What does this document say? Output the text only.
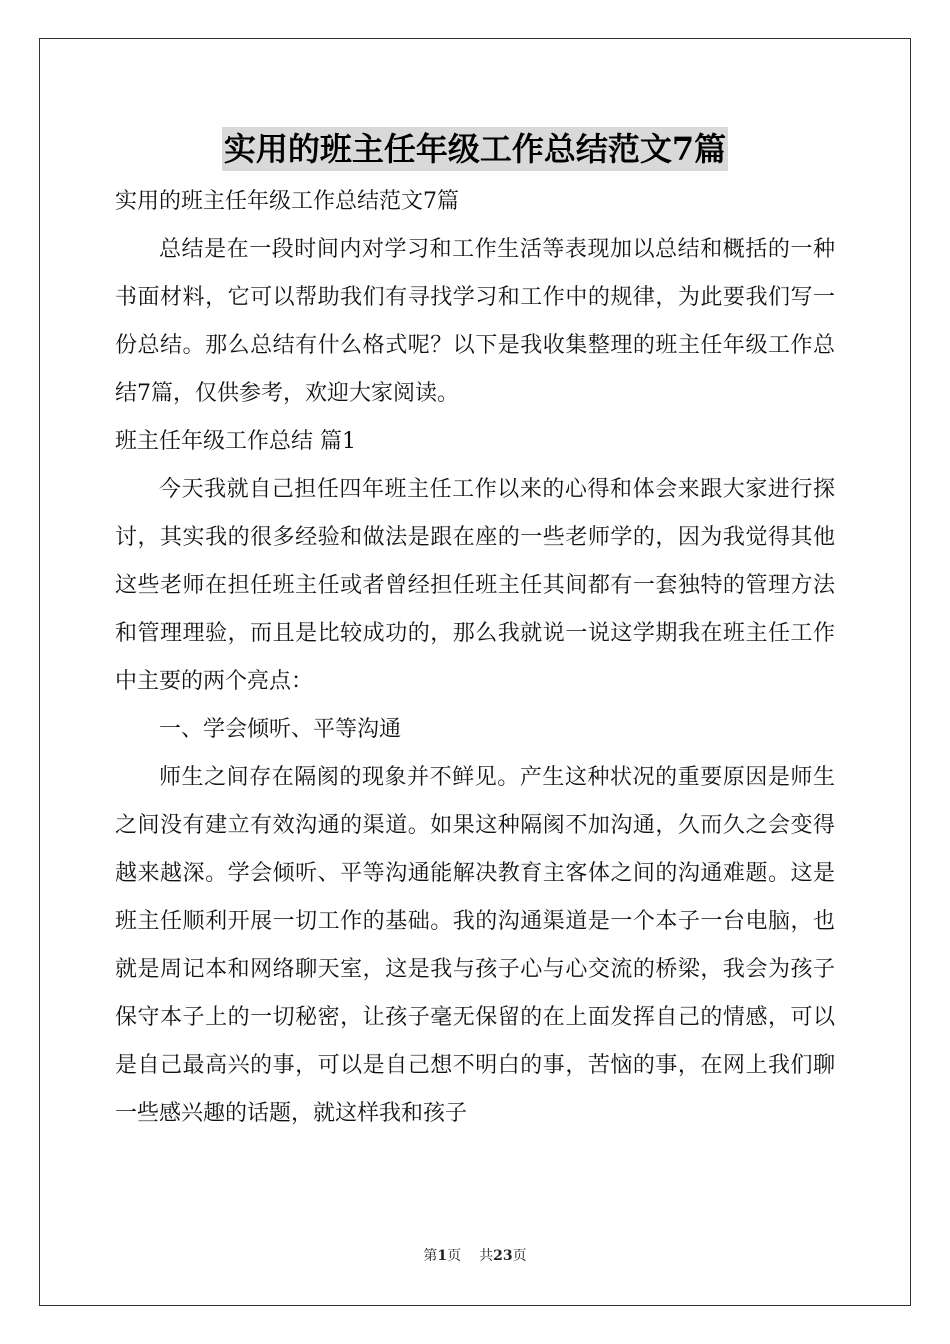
实用的班主任年级工作总结范文7篇

实用的班主任年级工作总结范文7篇

总结是在一段时间内对学习和工作生活等表现加以总结和概括的一种书面材料，它可以帮助我们有寻找学习和工作中的规律，为此要我们写一份总结。那么总结有什么格式呢？以下是我收集整理的班主任年级工作总结7篇，仅供参考，欢迎大家阅读。

班主任年级工作总结 篇1

今天我就自己担任四年班主任工作以来的心得和体会来跟大家进行探讨，其实我的很多经验和做法是跟在座的一些老师学的，因为我觉得其他这些老师在担任班主任或者曾经担任班主任其间都有一套独特的管理方法和管理理验，而且是比较成功的，那么我就说一说这学期我在班主任工作中主要的两个亮点：

一、学会倾听、平等沟通

师生之间存在隔阂的现象并不鲜见。产生这种状况的重要原因是师生之间没有建立有效沟通的渠道。如果这种隔阂不加沟通，久而久之会变得越来越深。学会倾听、平等沟通能解决教育主客体之间的沟通难题。这是班主任顺利开展一切工作的基础。我的沟通渠道是一个本子一台电脑，也就是周记本和网络聊天室，这是我与孩子心与心交流的桥梁，我会为孩子保守本子上的一切秘密，让孩子毫无保留的在上面发挥自己的情感，可以是自己最高兴的事，可以是自己想不明白的事，苦恼的事，在网上我们聊一些感兴趣的话题，就这样我和孩子

第1页 共23页
